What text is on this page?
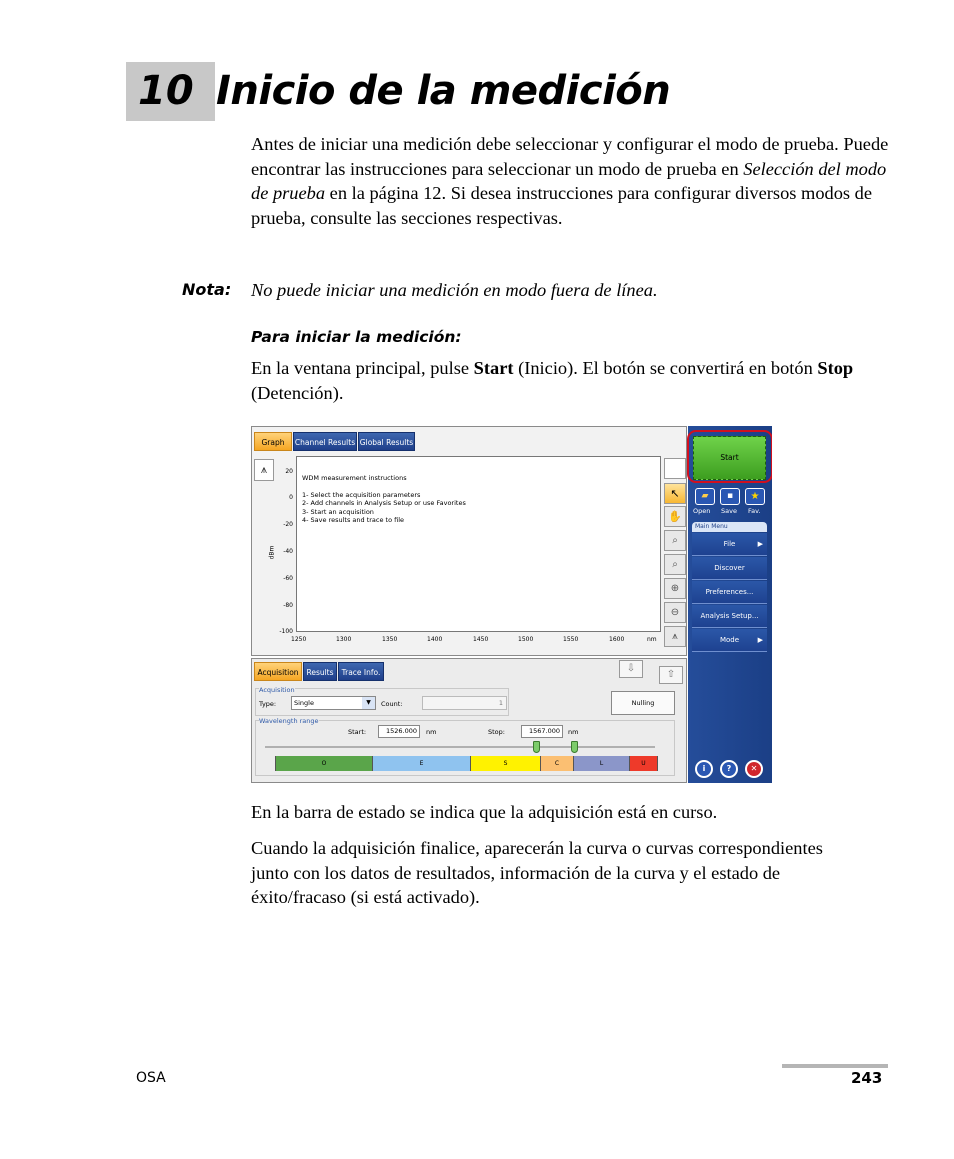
10 Inicio de la medición
Antes de iniciar una medición debe seleccionar y configurar el modo de prueba. Puede encontrar las instrucciones para seleccionar un modo de prueba en Selección del modo de prueba en la página 12. Si desea instrucciones para configurar diversos modos de prueba, consulte las secciones respectivas.
Nota: No puede iniciar una medición en modo fuera de línea.
Para iniciar la medición:
En la ventana principal, pulse Start (Inicio). El botón se convertirá en botón Stop (Detención).
Graph	Channel Results Global Results
⩚
dBm
20
0
-20
-40
-60
-80
-100
1250	1300	1350	1400	1450	1500	1550	1600	nm
WDM measurement instructions
1- Select the acquisition parameters
2- Add channels in Analysis Setup or use Favorites
3- Start an acquisition
4- Save results and trace to file
↖
✋
⌕
⌕
⊕
⊖
⩚
Start
▰	▪	★
Open Save Fav.
Main Menu
File	▶
Discover
Preferences...
Analysis Setup...
Mode	▶
i	?	✕
Acquisition	Results	Trace Info.	⇩
⇧
Acquisition
Type:	Single	▼	Count:	1	Nulling
Wavelength range
Start:	1526.000	nm	Stop:	1567.000	nm
O	E	S	C	L	U
En la barra de estado se indica que la adquisición está en curso.
Cuando la adquisición finalice, aparecerán la curva o curvas correspondientes junto con los datos de resultados, información de la curva y el estado de éxito/fracaso (si está activado).
OSA	243
